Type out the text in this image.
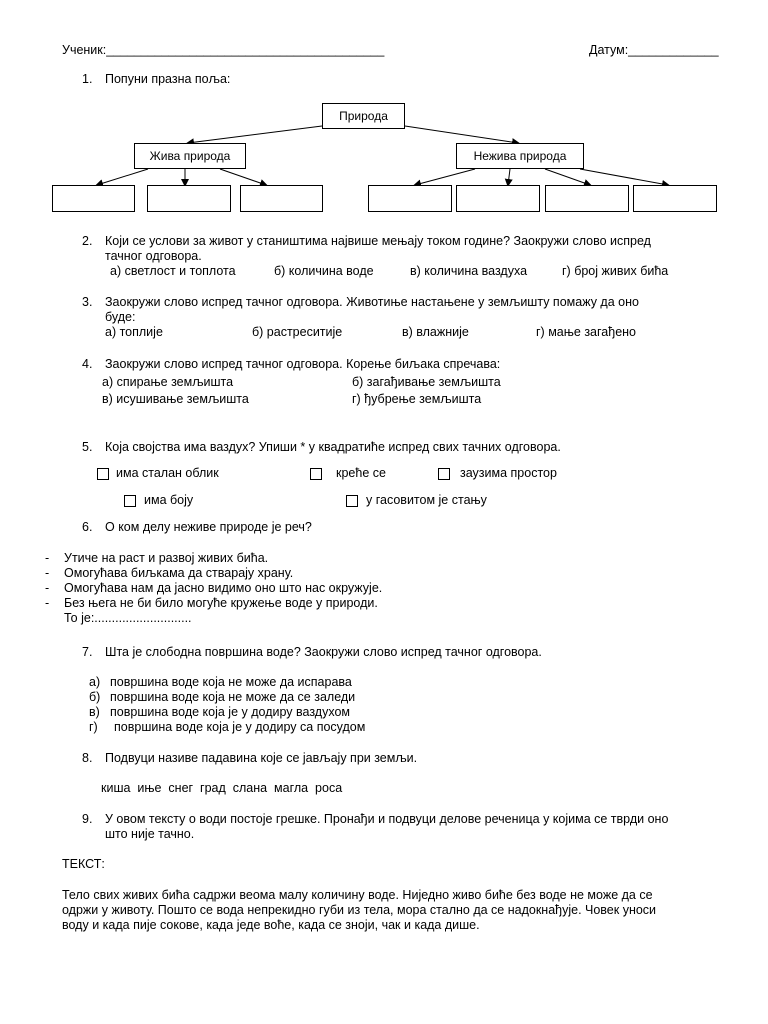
Ученик:________________________________________	Датум:_____________
1. Попуни празна поља:
Природа
Жива природа	Нежива природа
2. Који се услови за живот у стаништима највише мењају током године? Заокружи слово испред
тачног одговора.
а) светлост и топлота	б) количина воде	в) количина ваздуха	г) број живих бића
3. Заокружи слово испред тачног одговора. Животиње настањене у земљишту помажу да оно
буде:
а) топлије	б) растреситије	в) влажније	г) мање загађено
4. Заокружи слово испред тачног одговора. Корење биљака спречава:
а) спирање земљишта	б) загађивање земљишта
в) исушивање земљишта	г) ђубрење земљишта
5. Која својства има ваздух? Упиши * у квадратиће испред свих тачних одговора.
има сталан облик	креће се	заузима простор
има боју	у гасовитом је стању
6. О ком делу неживе природе је реч?
- Утиче на раст и развој живих бића.
- Омогућава биљкама да стварају храну.
- Омогућава нам да јасно видимо оно што нас окружује.
- Без њега не би било могуће кружење воде у природи.
То је:............................
7. Шта је слободна површина воде? Заокружи слово испред тачног одговора.
а) површина воде која не може да испарава
б) површина воде која не може да се заледи
в) површина воде која је у додиру ваздухом
г) површина воде која је у додиру са посудом
8. Подвуци називе падавина које се јављају при земљи.
киша  иње  снег  град  слана  магла  роса
9. У овом тексту о води постоје грешке. Пронађи и подвуци делове реченица у којима се тврди оно
што није тачно.
ТЕКСТ:
Тело свих живих бића садржи веома малу количину воде. Ниједно живо биће без воде не може да се
одржи у животу. Пошто се вода непрекидно губи из тела, мора стално да се надокнађује. Човек уноси
воду и када пије сокове, када једе воће, када се зноји, чак и када дише.
